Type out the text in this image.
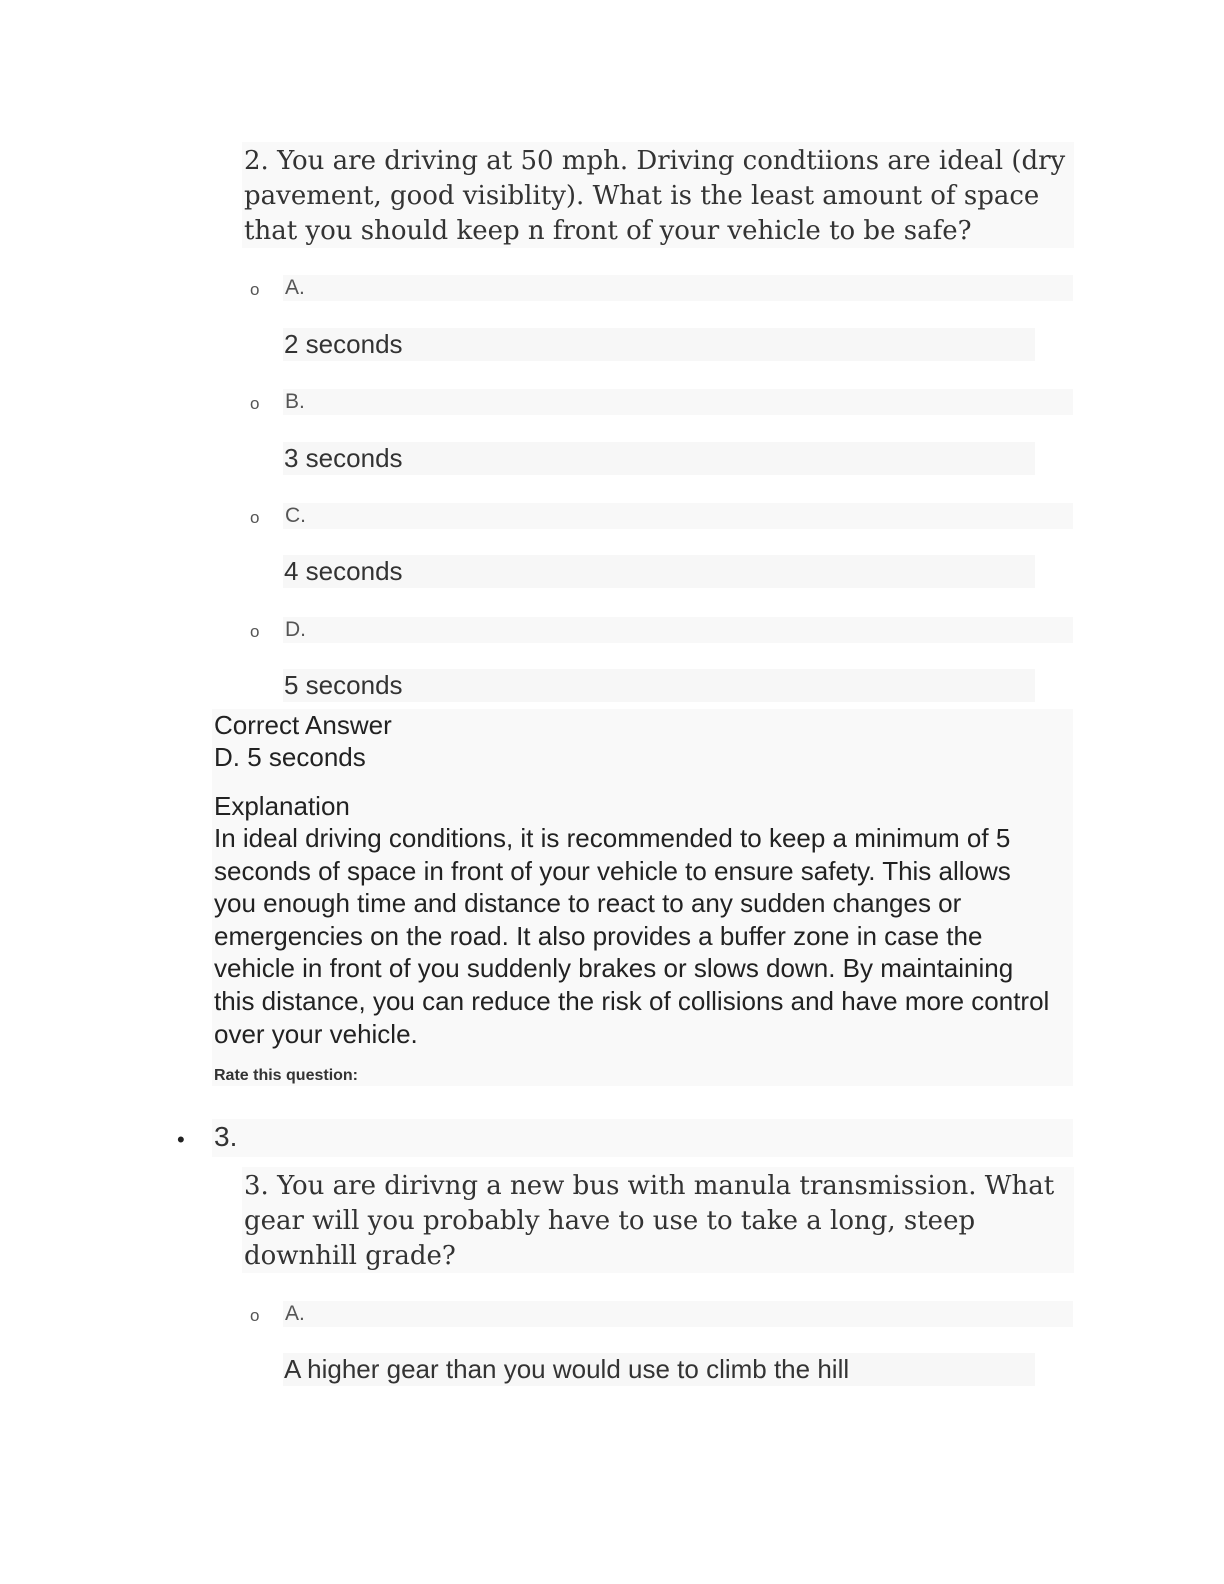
2. You are driving at 50 mph. Driving condtiions are ideal (dry pavement, good visiblity). What is the least amount of space that you should keep n front of your vehicle to be safe?
o A.
2 seconds
o B.
3 seconds
o C.
4 seconds
o D.
5 seconds
Correct Answer
D. 5 seconds
Explanation
In ideal driving conditions, it is recommended to keep a minimum of 5 seconds of space in front of your vehicle to ensure safety. This allows you enough time and distance to react to any sudden changes or emergencies on the road. It also provides a buffer zone in case the vehicle in front of you suddenly brakes or slows down. By maintaining this distance, you can reduce the risk of collisions and have more control over your vehicle.
Rate this question:
• 3.
3. You are dirivng a new bus with manula transmission. What gear will you probably have to use to take a long, steep downhill grade?
o A.
A higher gear than you would use to climb the hill
